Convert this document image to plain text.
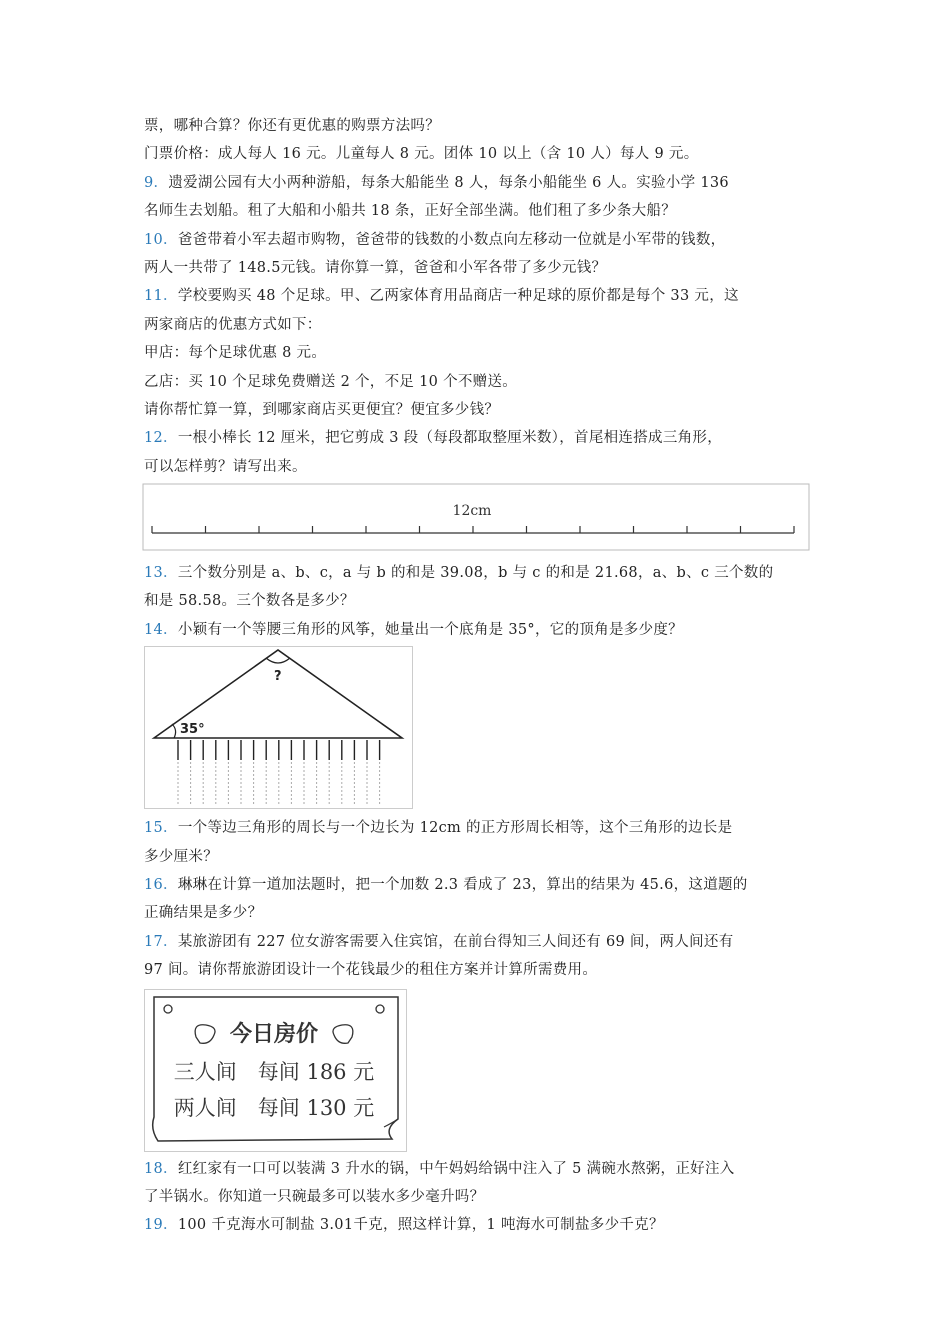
票，哪种合算？你还有更优惠的购票方法吗？
门票价格：成人每人 16 元。儿童每人 8 元。团体 10 以上（含 10 人）每人 9 元。
9．遗爱湖公园有大小两种游船，每条大船能坐 8 人，每条小船能坐 6 人。实验小学 136
名师生去划船。租了大船和小船共 18 条，正好全部坐满。他们租了多少条大船？
10．爸爸带着小军去超市购物，爸爸带的钱数的小数点向左移动一位就是小军带的钱数，
两人一共带了 148.5元钱。请你算一算，爸爸和小军各带了多少元钱？
11．学校要购买 48 个足球。甲、乙两家体育用品商店一种足球的原价都是每个 33 元，这
两家商店的优惠方式如下：
甲店：每个足球优惠 8 元。
乙店：买 10 个足球免费赠送 2 个，不足 10 个不赠送。
请你帮忙算一算，到哪家商店买更便宜？便宜多少钱？
12．一根小棒长 12 厘米，把它剪成 3 段（每段都取整厘米数），首尾相连搭成三角形，
可以怎样剪？请写出来。
12cm
13．三个数分别是 a、b、c，a 与 b 的和是 39.08，b 与 c 的和是 21.68，a、b、c 三个数的
和是 58.58。三个数各是多少？
14．小颖有一个等腰三角形的风筝，她量出一个底角是 35°，它的顶角是多少度？
?
35°
15．一个等边三角形的周长与一个边长为 12cm 的正方形周长相等，这个三角形的边长是
多少厘米？
16．琳琳在计算一道加法题时，把一个加数 2.3 看成了 23，算出的结果为 45.6，这道题的
正确结果是多少？
17．某旅游团有 227 位女游客需要入住宾馆，在前台得知三人间还有 69 间，两人间还有
97 间。请你帮旅游团设计一个花钱最少的租住方案并计算所需费用。
今日房价
三人间　每间 186 元
两人间　每间 130 元
18．红红家有一口可以装满 3 升水的锅，中午妈妈给锅中注入了 5 满碗水熬粥，正好注入
了半锅水。你知道一只碗最多可以装水多少毫升吗？
19．100 千克海水可制盐 3.01千克，照这样计算，1 吨海水可制盐多少千克？
